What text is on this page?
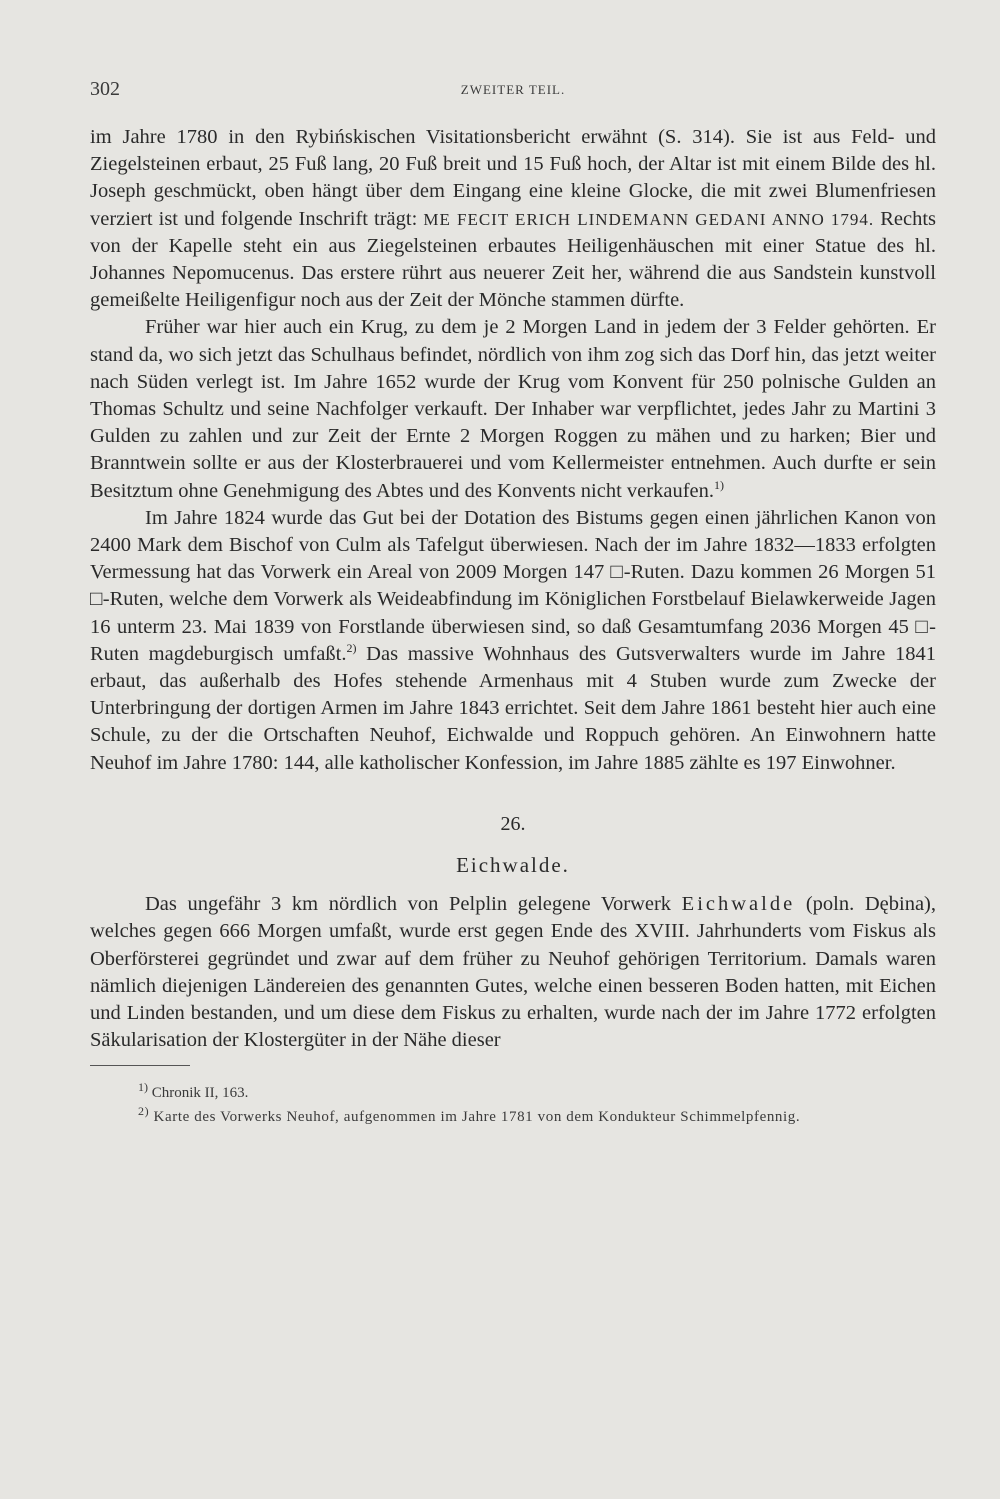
302	ZWEITER TEIL.

im Jahre 1780 in den Rybińskischen Visitationsbericht erwähnt (S. 314). Sie ist aus Feld- und Ziegelsteinen erbaut, 25 Fuß lang, 20 Fuß breit und 15 Fuß hoch, der Altar ist mit einem Bilde des hl. Joseph geschmückt, oben hängt über dem Eingang eine kleine Glocke, die mit zwei Blumenfriesen verziert ist und folgende Inschrift trägt: ME FECIT ERICH LINDEMANN GEDANI ANNO 1794. Rechts von der Kapelle steht ein aus Ziegelsteinen erbautes Heiligenhäuschen mit einer Statue des hl. Johannes Nepomucenus. Das erstere rührt aus neuerer Zeit her, während die aus Sandstein kunstvoll gemeißelte Heiligenfigur noch aus der Zeit der Mönche stammen dürfte.

Früher war hier auch ein Krug, zu dem je 2 Morgen Land in jedem der 3 Felder gehörten. Er stand da, wo sich jetzt das Schulhaus befindet, nördlich von ihm zog sich das Dorf hin, das jetzt weiter nach Süden verlegt ist. Im Jahre 1652 wurde der Krug vom Konvent für 250 polnische Gulden an Thomas Schultz und seine Nachfolger verkauft. Der Inhaber war verpflichtet, jedes Jahr zu Martini 3 Gulden zu zahlen und zur Zeit der Ernte 2 Morgen Roggen zu mähen und zu harken; Bier und Branntwein sollte er aus der Klosterbrauerei und vom Kellermeister entnehmen. Auch durfte er sein Besitztum ohne Genehmigung des Abtes und des Konvents nicht verkaufen.$^{1)}$

Im Jahre 1824 wurde das Gut bei der Dotation des Bistums gegen einen jährlichen Kanon von 2400 Mark dem Bischof von Culm als Tafelgut überwiesen. Nach der im Jahre 1832—1833 erfolgten Vermessung hat das Vorwerk ein Areal von 2009 Morgen 147 □-Ruten. Dazu kommen 26 Morgen 51 □-Ruten, welche dem Vorwerk als Weideabfindung im Königlichen Forstbelauf Bielawkerweide Jagen 16 unterm 23. Mai 1839 von Forstlande überwiesen sind, so daß Gesamtumfang 2036 Morgen 45 □-Ruten magdeburgisch umfaßt.$^{2)}$ Das massive Wohnhaus des Gutsverwalters wurde im Jahre 1841 erbaut, das außerhalb des Hofes stehende Armenhaus mit 4 Stuben wurde zum Zwecke der Unterbringung der dortigen Armen im Jahre 1843 errichtet. Seit dem Jahre 1861 besteht hier auch eine Schule, zu der die Ortschaften Neuhof, Eichwalde und Roppuch gehören. An Einwohnern hatte Neuhof im Jahre 1780: 144, alle katholischer Konfession, im Jahre 1885 zählte es 197 Einwohner.

26.
Eichwalde.

Das ungefähr 3 km nördlich von Pelplin gelegene Vorwerk Eichwalde (poln. Dębina), welches gegen 666 Morgen umfaßt, wurde erst gegen Ende des XVIII. Jahrhunderts vom Fiskus als Oberförsterei gegründet und zwar auf dem früher zu Neuhof gehörigen Territorium. Damals waren nämlich diejenigen Ländereien des genannten Gutes, welche einen besseren Boden hatten, mit Eichen und Linden bestanden, und um diese dem Fiskus zu erhalten, wurde nach der im Jahre 1772 erfolgten Säkularisation der Klostergüter in der Nähe dieser

$^{1)}$ Chronik II, 163.

$^{2)}$ Karte des Vorwerks Neuhof, aufgenommen im Jahre 1781 von dem Kondukteur Schimmelpfennig.
